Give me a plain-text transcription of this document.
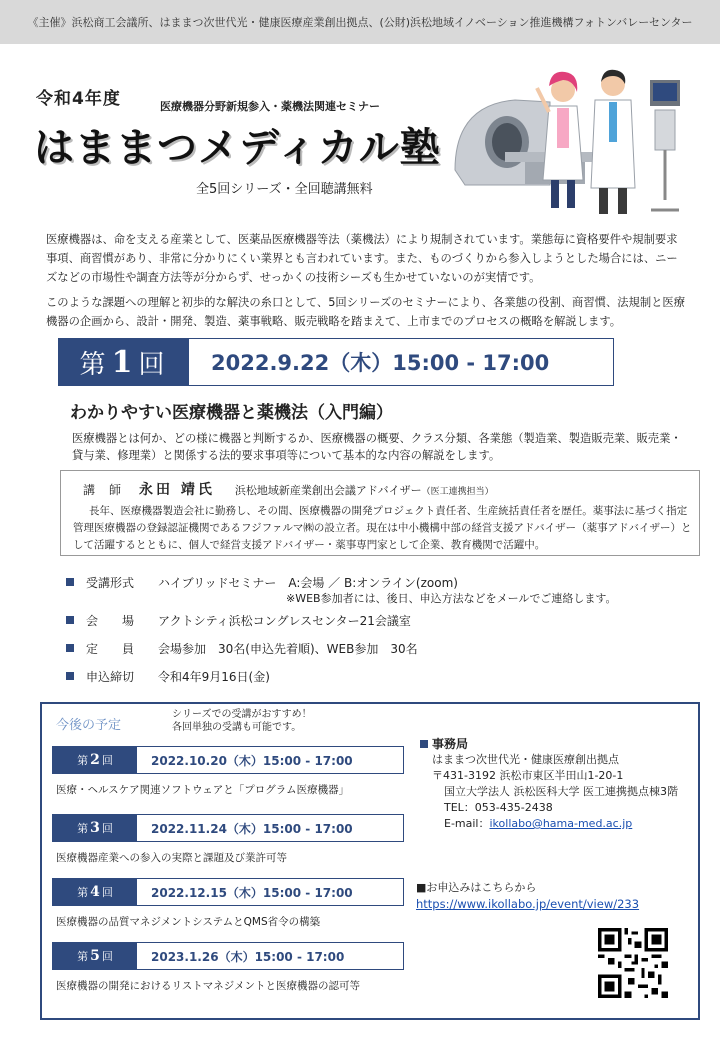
《主催》浜松商工会議所、はままつ次世代光・健康医療産業創出拠点、(公財)浜松地域イノベーション推進機構フォトンバレーセンター
令和4年度	医療機器分野新規参入・薬機法関連セミナー
はままつメディカル塾
全5回シリーズ・全回聴講無料

医療機器は、命を支える産業として、医薬品医療機器等法（薬機法）により規制されています。業態毎に資格要件や規制要求事項、商習慣があり、非常に分かりにくい業界とも言われています。また、ものづくりから参入しようとした場合には、ニーズなどの市場性や調査方法等が分からず、せっかくの技術シーズも生かせていないのが実情です。

このような課題への理解と初歩的な解決の糸口として、5回シリーズのセミナーにより、各業態の役割、商習慣、法規制と医療機器の企画から、設計・開発、製造、薬事戦略、販売戦略を踏まえて、上市までのプロセスの概略を解説します。

第 1 回	2022.9.22（木）15:00 - 17:00
わかりやすい医療機器と薬機法（入門編）
医療機器とは何か、どの様に機器と判断するか、医療機器の概要、クラス分類、各業態（製造業、製造販売業、販売業・貸与業、修理業）と関係する法的要求事項等について基本的な内容の解説をします。
講師 永田 靖氏 浜松地域新産業創出会議アドバイザー（医工連携担当）
長年、医療機器製造会社に勤務し、その間、医療機器の開発プロジェクト責任者、生産統括責任者を歴任。薬事法に基づく指定管理医療機器の登録認証機関であるフジファルマ㈱の設立者。現在は中小機構中部の経営支援アドバイザー（薬事アドバイザー）として活躍するとともに、個人で経営支援アドバイザー・薬事専門家として企業、教育機関で活躍中。
受講形式	ハイブリッドセミナー　A:会場 ／ B:オンライン(zoom)
※WEB参加者には、後日、申込方法などをメールでご連絡します。
会　　場	アクトシティ浜松コングレスセンター21会議室
定　　員	会場参加　30名(申込先着順)、WEB参加　30名
申込締切	令和4年9月16日(金)
今後の予定
シリーズでの受講がおすすめ！
各回単独の受講も可能です。
第 2 回	2022.10.20（木）15:00 - 17:00
医療・ヘルスケア関連ソフトウェアと「プログラム医療機器」
第 3 回	2022.11.24（木）15:00 - 17:00
医療機器産業への参入の実際と課題及び業許可等
第 4 回	2022.12.15（木）15:00 - 17:00
医療機器の品質マネジメントシステムとQMS省令の構築
第 5 回	2023.1.26（木）15:00 - 17:00
医療機器の開発におけるリストマネジメントと医療機器の認可等
事務局
はままつ次世代光・健康医療創出拠点
〒431-3192 浜松市東区半田山1-20-1
国立大学法人 浜松医科大学 医工連携拠点棟3階
TEL：053-435-2438
E-mail：ikollabo@hama-med.ac.jp
■お申込みはこちらから
https://www.ikollabo.jp/event/view/233
